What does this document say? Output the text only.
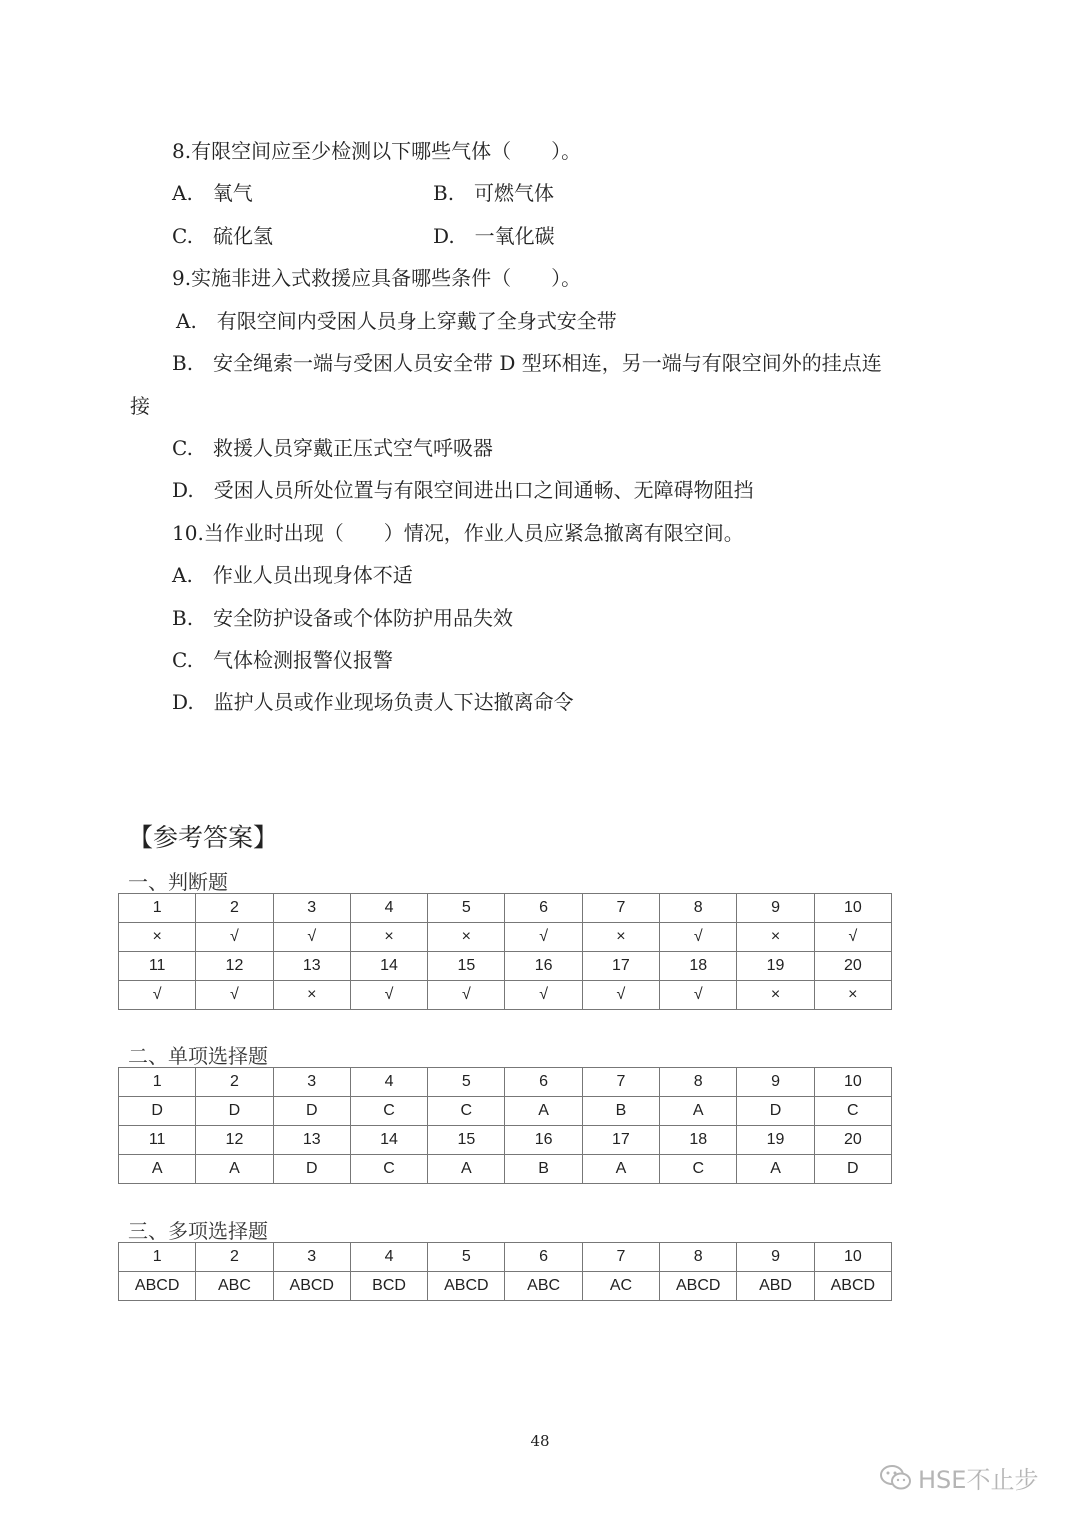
8.有限空间应至少检测以下哪些气体（　　）。
A.　氧气	B.　可燃气体
C.　硫化氢	D.　一氧化碳
9.实施非进入式救援应具备哪些条件（　　）。
A.　有限空间内受困人员身上穿戴了全身式安全带
B.　安全绳索一端与受困人员安全带 D 型环相连，另一端与有限空间外的挂点连
接
C.　救援人员穿戴正压式空气呼吸器
D.　受困人员所处位置与有限空间进出口之间通畅、无障碍物阻挡
10.当作业时出现（　　）情况，作业人员应紧急撤离有限空间。
A.　作业人员出现身体不适
B.　安全防护设备或个体防护用品失效
C.　气体检测报警仪报警
D.　监护人员或作业现场负责人下达撤离命令
【参考答案】
一、判断题
1	2	3	4	5	6	7	8	9	10
×	√	√	×	×	√	×	√	×	√
11	12	13	14	15	16	17	18	19	20
√	√	×	√	√	√	√	√	×	×
二、单项选择题
1	2	3	4	5	6	7	8	9	10
D	D	D	C	C	A	B	A	D	C
11	12	13	14	15	16	17	18	19	20
A	A	D	C	A	B	A	C	A	D
三、多项选择题
1	2	3	4	5	6	7	8	9	10
ABCD	ABC	ABCD	BCD	ABCD	ABC	AC	ABCD	ABD	ABCD
48
HSE不止步
